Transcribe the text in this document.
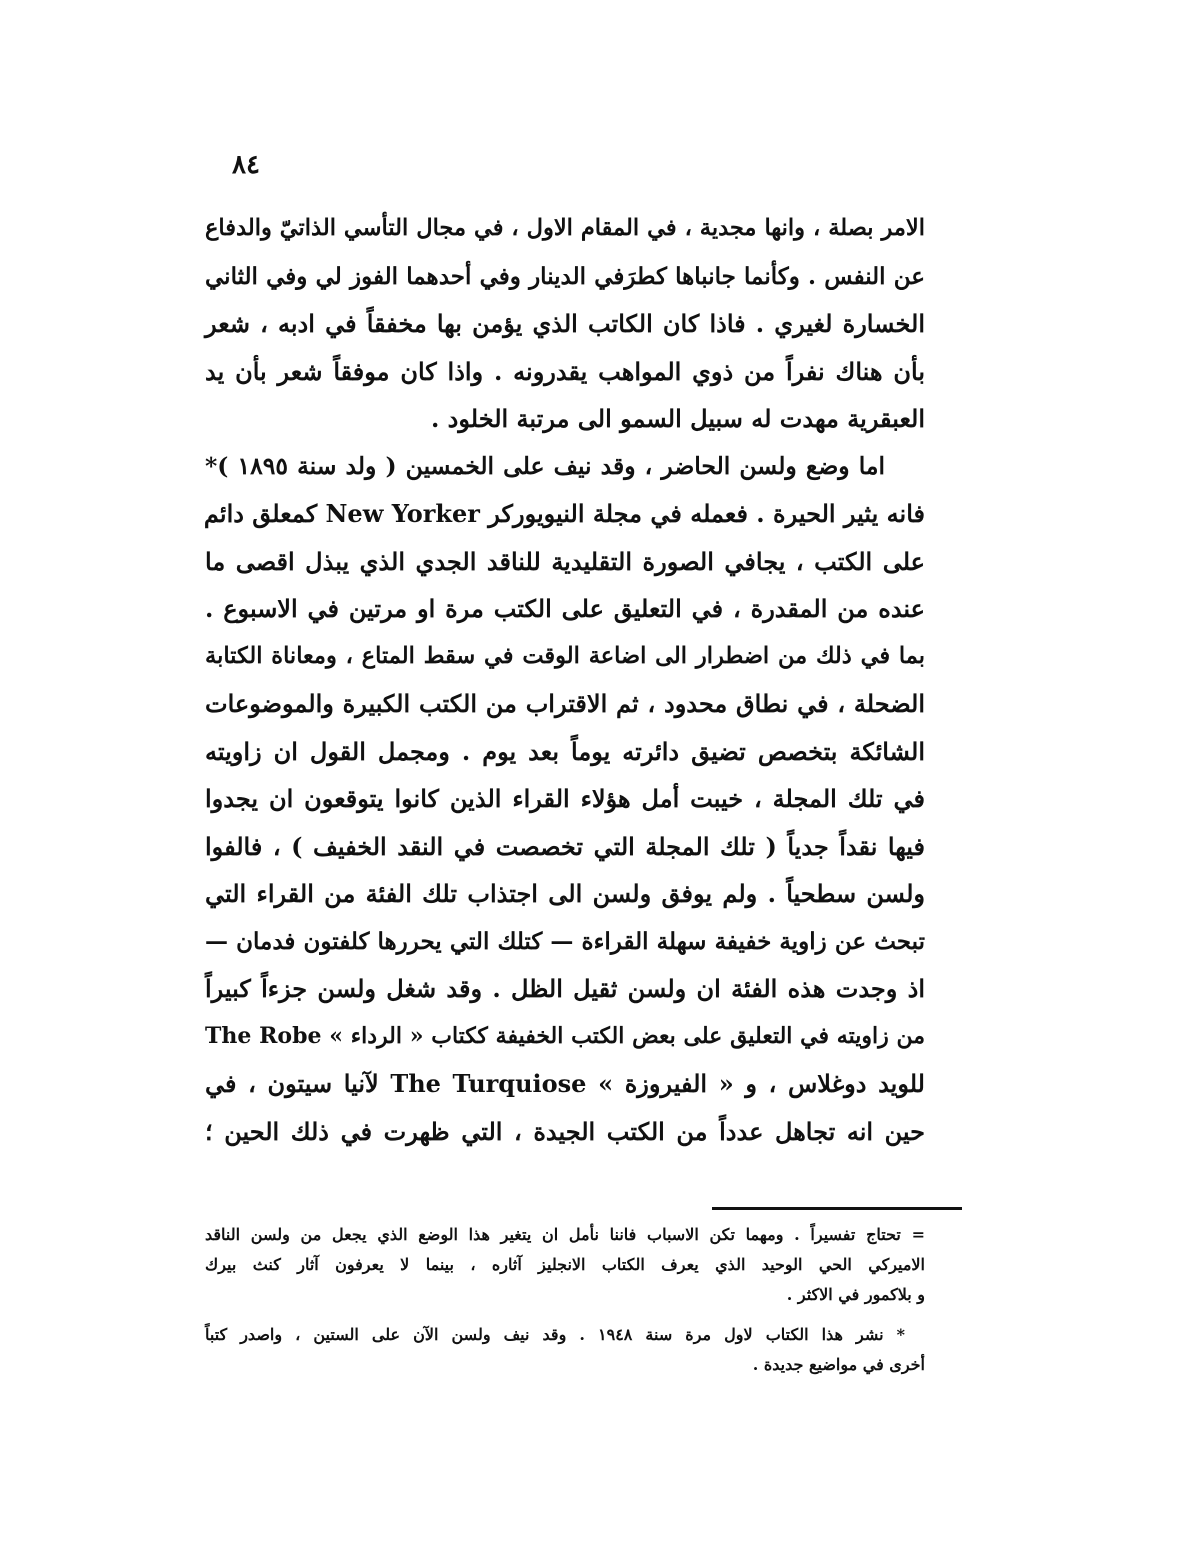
٨٤
الامر بصلة ، وانها مجدية ، في المقام الاول ، في مجال التأسي الذاتيّ والدفاع
عن النفس . وكأنما جانباها كطرَفي الدينار وفي أحدهما الفوز لي وفي الثاني
الخسارة لغيري . فاذا كان الكاتب الذي يؤمن بها مخفقاً في ادبه ، شعر
بأن هناك نفراً من ذوي المواهب يقدرونه . واذا كان موفقاً شعر بأن يد
العبقرية مهدت له سبيل السمو الى مرتبة الخلود .
اما وضع ولسن الحاضر ، وقد نيف على الخمسين ( ولد سنة ١٨٩٥ )*
فانه يثير الحيرة . فعمله في مجلة النيويوركر New Yorker كمعلق دائم
على الكتب ، يجافي الصورة التقليدية للناقد الجدي الذي يبذل اقصى ما
عنده من المقدرة ، في التعليق على الكتب مرة او مرتين في الاسبوع .
بما في ذلك من اضطرار الى اضاعة الوقت في سقط المتاع ، ومعاناة الكتابة
الضحلة ، في نطاق محدود ، ثم الاقتراب من الكتب الكبيرة والموضوعات
الشائكة بتخصص تضيق دائرته يوماً بعد يوم . ومجمل القول ان زاويته
في تلك المجلة ، خيبت أمل هؤلاء القراء الذين كانوا يتوقعون ان يجدوا
فيها نقداً جدياً ( تلك المجلة التي تخصصت في النقد الخفيف ) ، فالفوا
ولسن سطحياً . ولم يوفق ولسن الى اجتذاب تلك الفئة من القراء التي
تبحث عن زاوية خفيفة سهلة القراءة — كتلك التي يحررها كلفتون فدمان —
اذ وجدت هذه الفئة ان ولسن ثقيل الظل . وقد شغل ولسن جزءاً كبيراً
من زاويته في التعليق على بعض الكتب الخفيفة ككتاب « الرداء » The Robe
للويد دوغلاس ، و « الفيروزة » The Turquiose لآنيا سيتون ، في
حين انه تجاهل عدداً من الكتب الجيدة ، التي ظهرت في ذلك الحين ؛
= تحتاج تفسيراً . ومهما تكن الاسباب فاننا نأمل ان يتغير هذا الوضع الذي يجعل من ولسن الناقد
الاميركي الحي الوحيد الذي يعرف الكتاب الانجليز آثاره ، بينما لا يعرفون آثار كنث بيرك
و بلاكمور في الاكثر .
* نشر هذا الكتاب لاول مرة سنة ١٩٤٨ . وقد نيف ولسن الآن على الستين ، واصدر كتباً
أخرى في مواضيع جديدة .
